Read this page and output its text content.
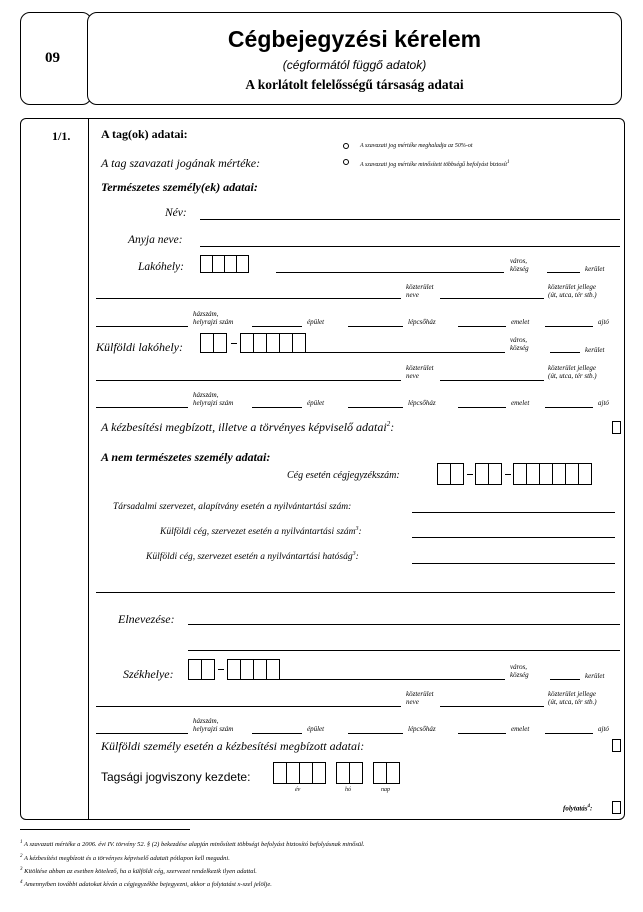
09
Cégbejegyzési kérelem
(cégformától függő adatok)
A korlátolt felelősségű társaság adatai
1/1.	A tag(ok) adatai:
A tag szavazati jogának mértéke:
A szavazati jog mértéke meghaladja az 50%-ot
A szavazati jog mértéke minősített többségű befolyást biztosít$^1$
Természetes személy(ek) adatai:
Név:
Anyja neve:
Lakóhely:	város,
község	kerület
közterület
neve
közterület jellege
(út, utca, tér stb.)
házszám,
helyrajzi szám	épület	lépcsőház	emelet	ajtó
Külföldi lakóhely:	város,
község	kerület
közterület
neve
közterület jellege
(út, utca, tér stb.)
házszám,
helyrajzi szám	épület	lépcsőház	emelet	ajtó
A kézbesítési megbízott, illetve a törvényes képviselő adatai$^2$:
A nem természetes személy adatai:
Cég esetén cégjegyzékszám:
Társadalmi szervezet, alapítvány esetén a nyilvántartási szám:
Külföldi cég, szervezet esetén a nyilvántartási szám$^3$:
Külföldi cég, szervezet esetén a nyilvántartási hatóság$^3$:
Elnevezése:
Székhelye:	város,
község	kerület
közterület
neve
közterület jellege
(út, utca, tér stb.)
házszám,
helyrajzi szám	épület	lépcsőház	emelet	ajtó
Külföldi személy esetén a kézbesítési megbízott adatai:
Tagsági jogviszony kezdete:
év	hó	nap
folytatás$^4$:
$^1$ A szavazati mértéke a 2006. évi IV. törvény 52. § (2) bekezdése alapján minősített többségi befolyást biztosító befolyásnak minősül.
$^2$ A kézbesítési megbízott és a törvényes képviselő adatait pótlapon kell megadni.
$^3$ Kitöltése abban az esetben kötelező, ha a külföldi cég, szervezet rendelkezik ilyen adattal.
$^4$ Amennyiben további adatokat kíván a cégjegyzékbe bejegyezni, akkor a folytatást x-szel jelölje.
